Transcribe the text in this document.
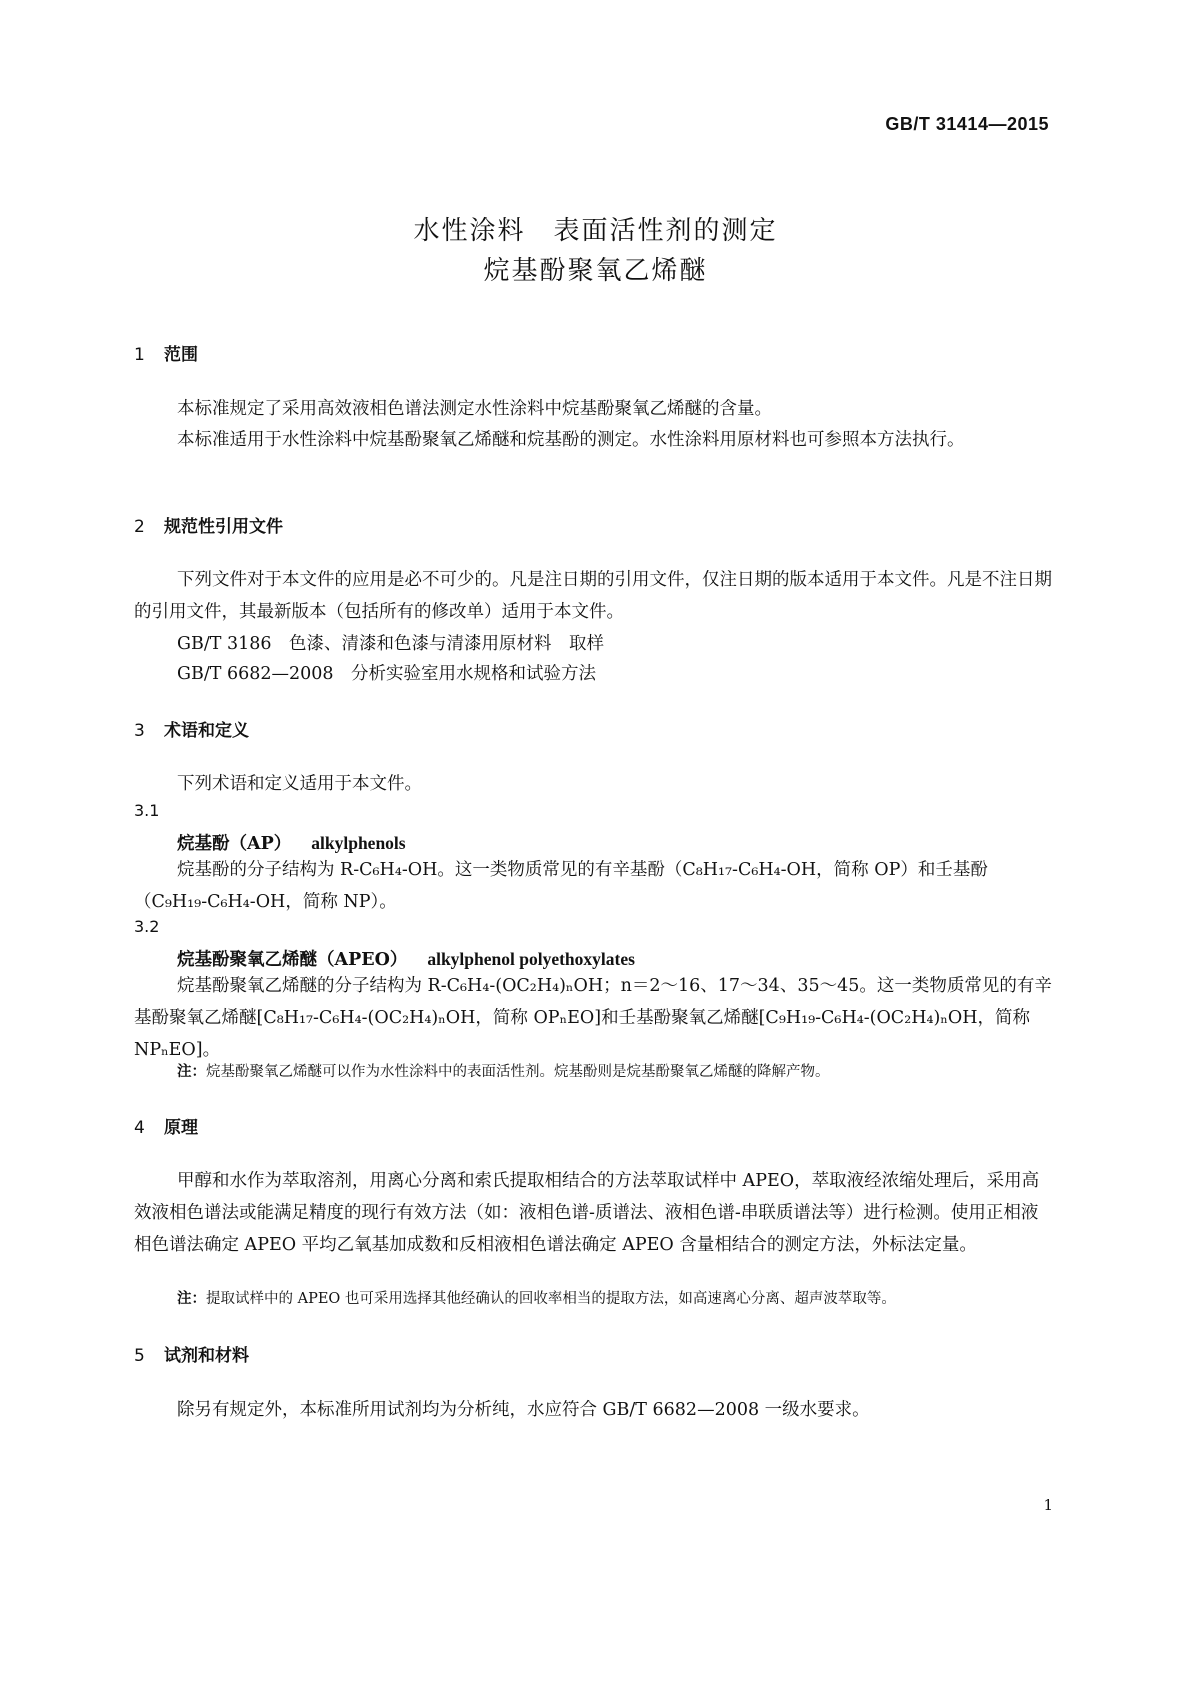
GB/T 31414—2015
水性涂料　表面活性剂的测定
烷基酚聚氧乙烯醚
1 范围
本标准规定了采用高效液相色谱法测定水性涂料中烷基酚聚氧乙烯醚的含量。
本标准适用于水性涂料中烷基酚聚氧乙烯醚和烷基酚的测定。水性涂料用原材料也可参照本方法执行。
2 规范性引用文件
下列文件对于本文件的应用是必不可少的。凡是注日期的引用文件，仅注日期的版本适用于本文件。凡是不注日期的引用文件，其最新版本（包括所有的修改单）适用于本文件。
GB/T 3186　色漆、清漆和色漆与清漆用原材料　取样
GB/T 6682—2008　分析实验室用水规格和试验方法
3 术语和定义
下列术语和定义适用于本文件。
3.1
烷基酚（AP） alkylphenols
烷基酚的分子结构为 R-C₆H₄-OH。这一类物质常见的有辛基酚（C₈H₁₇-C₆H₄-OH，简称 OP）和壬基酚（C₉H₁₉-C₆H₄-OH，简称 NP）。
3.2
烷基酚聚氧乙烯醚（APEO） alkylphenol polyethoxylates
烷基酚聚氧乙烯醚的分子结构为 R-C₆H₄-(OC₂H₄)ₙOH；n＝2～16、17～34、35～45。这一类物质常见的有辛基酚聚氧乙烯醚[C₈H₁₇-C₆H₄-(OC₂H₄)ₙOH，简称 OPₙEO]和壬基酚聚氧乙烯醚[C₉H₁₉-C₆H₄-(OC₂H₄)ₙOH，简称 NPₙEO]。
注：烷基酚聚氧乙烯醚可以作为水性涂料中的表面活性剂。烷基酚则是烷基酚聚氧乙烯醚的降解产物。
4 原理
甲醇和水作为萃取溶剂，用离心分离和索氏提取相结合的方法萃取试样中 APEO，萃取液经浓缩处理后，采用高效液相色谱法或能满足精度的现行有效方法（如：液相色谱-质谱法、液相色谱-串联质谱法等）进行检测。使用正相液相色谱法确定 APEO 平均乙氧基加成数和反相液相色谱法确定 APEO 含量相结合的测定方法，外标法定量。
注：提取试样中的 APEO 也可采用选择其他经确认的回收率相当的提取方法，如高速离心分离、超声波萃取等。
5 试剂和材料
除另有规定外，本标准所用试剂均为分析纯，水应符合 GB/T 6682—2008 一级水要求。
1
